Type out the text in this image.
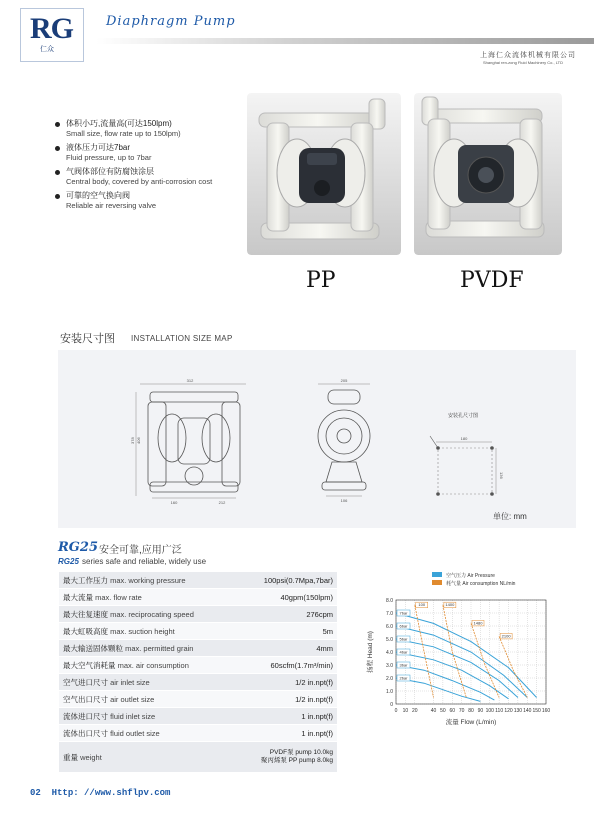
RG
仁众
Diaphragm Pump
上海仁众流体机械有限公司
Shanghai ren-zong Fluid Machinery Co., LTD
体积小巧,流量高(可达150lpm)
Small size, flow rate up to 150lpm)
液体压力可达7bar
Fluid pressure, up to 7bar
气阀体部位有防腐蚀涂层
Central body, covered by anti-corrosion cost
可靠的空气换向阀
Reliable air reversing valve
PP	PVDF
安装尺寸图 INSTALLATION SIZE MAP
312
378 406
160	212
205
106
安装孔尺寸图
180
136
单位: mm
RG25 安全可靠,应用广泛
RG25 series safe and reliable, widely use
最大工作压力 max. working pressure	100psi(0.7Mpa,7bar)
最大流量 max. flow rate	40gpm(150lpm)
最大往复速度 max. reciprocating speed	276cpm
最大虹吸高度 max. suction height	5m
最大输送固体颗粒 max. permitted grain	4mm
最大空气消耗量 max. air consumption	60scfm(1.7m³/min)
空气进口尺寸 air inlet size	1/2 in.npt(f)
空气出口尺寸 air outlet size	1/2 in.npt(f)
流体进口尺寸 fluid inlet size	1 in.npt(f)
流体出口尺寸 fluid outlet size	1 in.npt(f)
重量 weight	PVDF泵 pump 10.0kg
聚丙烯泵 PP pump 8.0kg
空气压力 Air Pressure
耗气量 Air consumption NL/min
0
1.0
2.0
3.0
4.0
5.0
6.0
7.0
8.0
0 10 20	40 50 60 70 80 90 100 110 120 130 140 150 160
流量 Flow (L/min)
扬程 Head (m)
7bar
6bar
5bar
4bar
3bar
2bar
100	1400
1480
2100
02 Http: //www.shflpv.com
